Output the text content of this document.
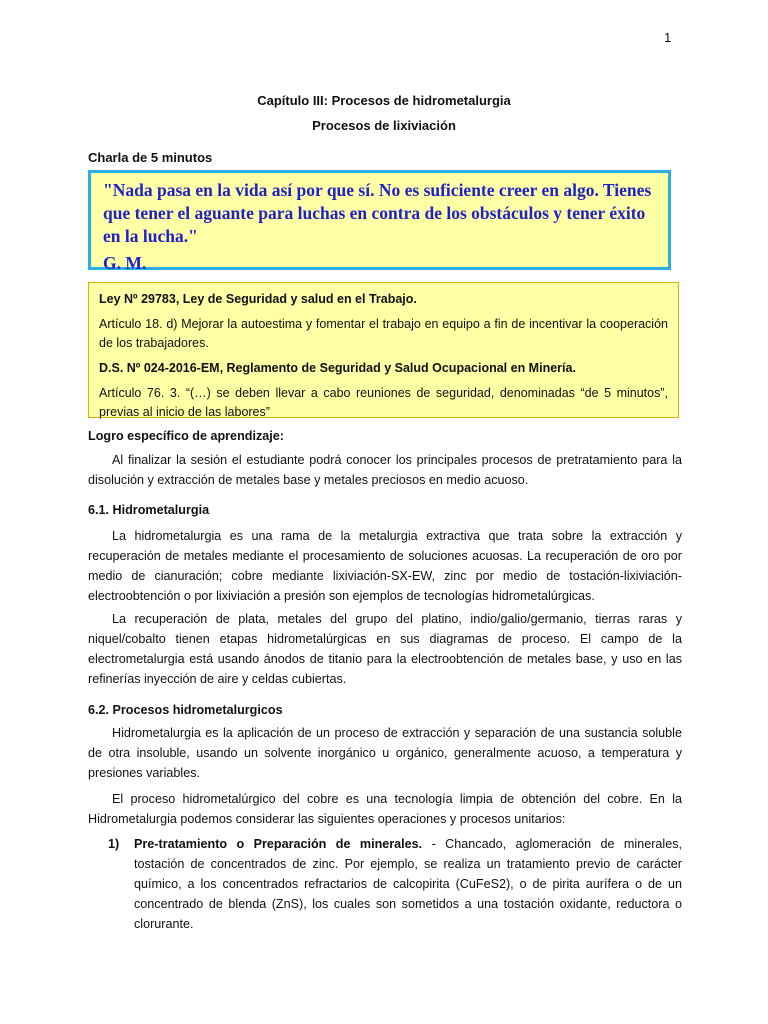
1
Capítulo III: Procesos de hidrometalurgia
Procesos de lixiviación
Charla de 5 minutos
"Nada pasa en la vida así por que sí. No es suficiente creer en algo. Tienes que tener el aguante para luchas en contra de los obstáculos y tener éxito en la lucha."
G. M.

Ley Nº 29783, Ley de Seguridad y salud en el Trabajo.

Artículo 18. d) Mejorar la autoestima y fomentar el trabajo en equipo a fin de incentivar la cooperación de los trabajadores.

D.S. Nº 024-2016-EM, Reglamento de Seguridad y Salud Ocupacional en Minería.

Artículo 76. 3. “(…) se deben llevar a cabo reuniones de seguridad, denominadas “de 5 minutos”, previas al inicio de las labores”

Logro específico de aprendizaje:
Al finalizar la sesión el estudiante podrá conocer los principales procesos de pretratamiento para la disolución y extracción de metales base y metales preciosos en medio acuoso.
6.1. Hidrometalurgia
La hidrometalurgia es una rama de la metalurgia extractiva que trata sobre la extracción y recuperación de metales mediante el procesamiento de soluciones acuosas. La recuperación de oro por medio de cianuración; cobre mediante lixiviación-SX-EW, zinc por medio de tostación-lixiviación-electroobtención o por lixiviación a presión son ejemplos de tecnologías hidrometalúrgicas.
La recuperación de plata, metales del grupo del platino, indio/galio/germanio, tierras raras y niquel/cobalto tienen etapas hidrometalúrgicas en sus diagramas de proceso. El campo de la electrometalurgia está usando ánodos de titanio para la electroobtención de metales base, y uso en las refinerías inyección de aire y celdas cubiertas.
6.2. Procesos hidrometalurgicos
Hidrometalurgia es la aplicación de un proceso de extracción y separación de una sustancia soluble de otra insoluble, usando un solvente inorgánico u orgánico, generalmente acuoso, a temperatura y presiones variables.
El proceso hidrometalúrgico del cobre es una tecnología limpia de obtención del cobre. En la Hidrometalurgia podemos considerar las siguientes operaciones y procesos unitarios:
1) Pre-tratamiento o Preparación de minerales. - Chancado, aglomeración de minerales, tostación de concentrados de zinc. Por ejemplo, se realiza un tratamiento previo de carácter químico, a los concentrados refractarios de calcopirita (CuFeS2), o de pirita aurífera o de un concentrado de blenda (ZnS), los cuales son sometidos a una tostación oxidante, reductora o clorurante.
